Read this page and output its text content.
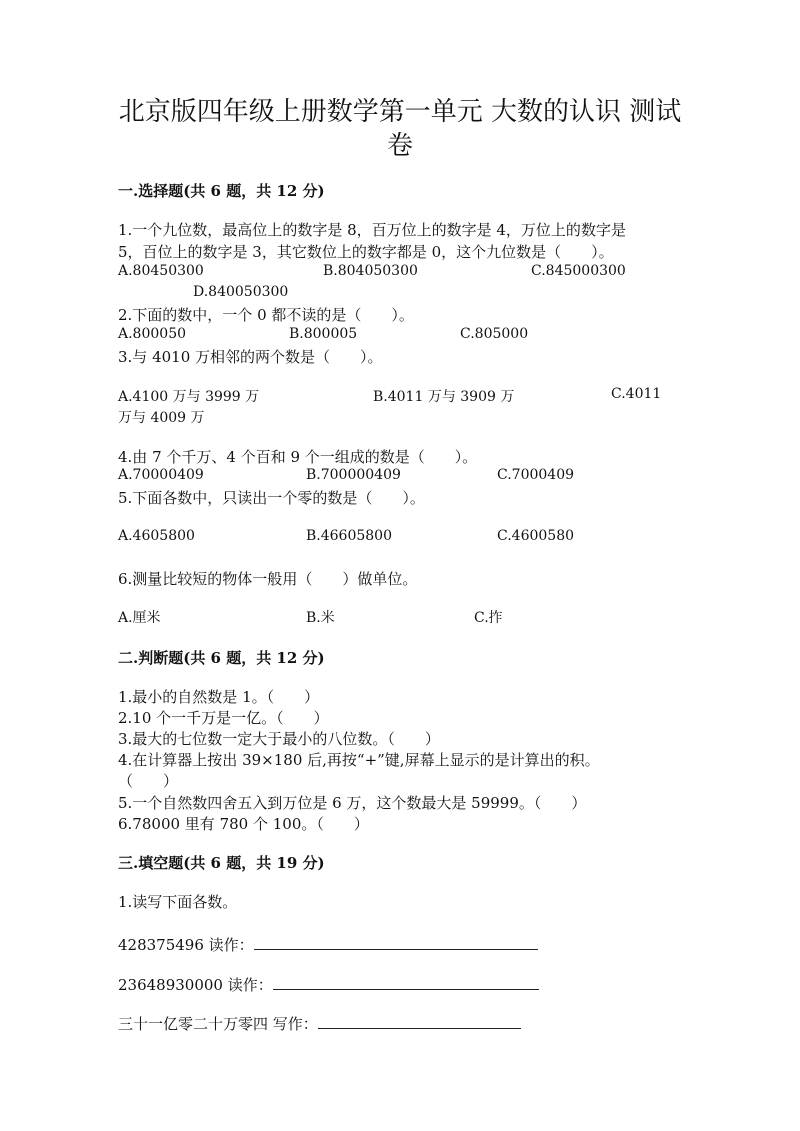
北京版四年级上册数学第一单元 大数的认识 测试
卷
一.选择题(共 6 题，共 12 分)
1.一个九位数，最高位上的数字是 8，百万位上的数字是 4，万位上的数字是
5，百位上的数字是 3，其它数位上的数字都是 0，这个九位数是（　　）。
A.80450300	B.804050300	C.845000300
D.840050300
2.下面的数中，一个 0 都不读的是（　　）。
A.800050	B.800005	C.805000
3.与 4010 万相邻的两个数是（　　）。
A.4100 万与 3999 万	B.4011 万与 3909 万	C.4011
万与 4009 万
4.由 7 个千万、4 个百和 9 个一组成的数是（　　）。
A.70000409	B.700000409	C.7000409
5.下面各数中，只读出一个零的数是（　　）。
A.4605800	B.46605800	C.4600580
6.测量比较短的物体一般用（　　）做单位。
A.厘米	B.米	C.拃
二.判断题(共 6 题，共 12 分)
1.最小的自然数是 1。（　　）
2.10 个一千万是一亿。（　　）
3.最大的七位数一定大于最小的八位数。（　　）
4.在计算器上按出 39×180 后,再按“+”键,屏幕上显示的是计算出的积。
（　　）
5.一个自然数四舍五入到万位是 6 万，这个数最大是 59999。（　　）
6.78000 里有 780 个 100。（　　）
三.填空题(共 6 题，共 19 分)
1.读写下面各数。
428375496 读作：
23648930000 读作：
三十一亿零二十万零四 写作：
